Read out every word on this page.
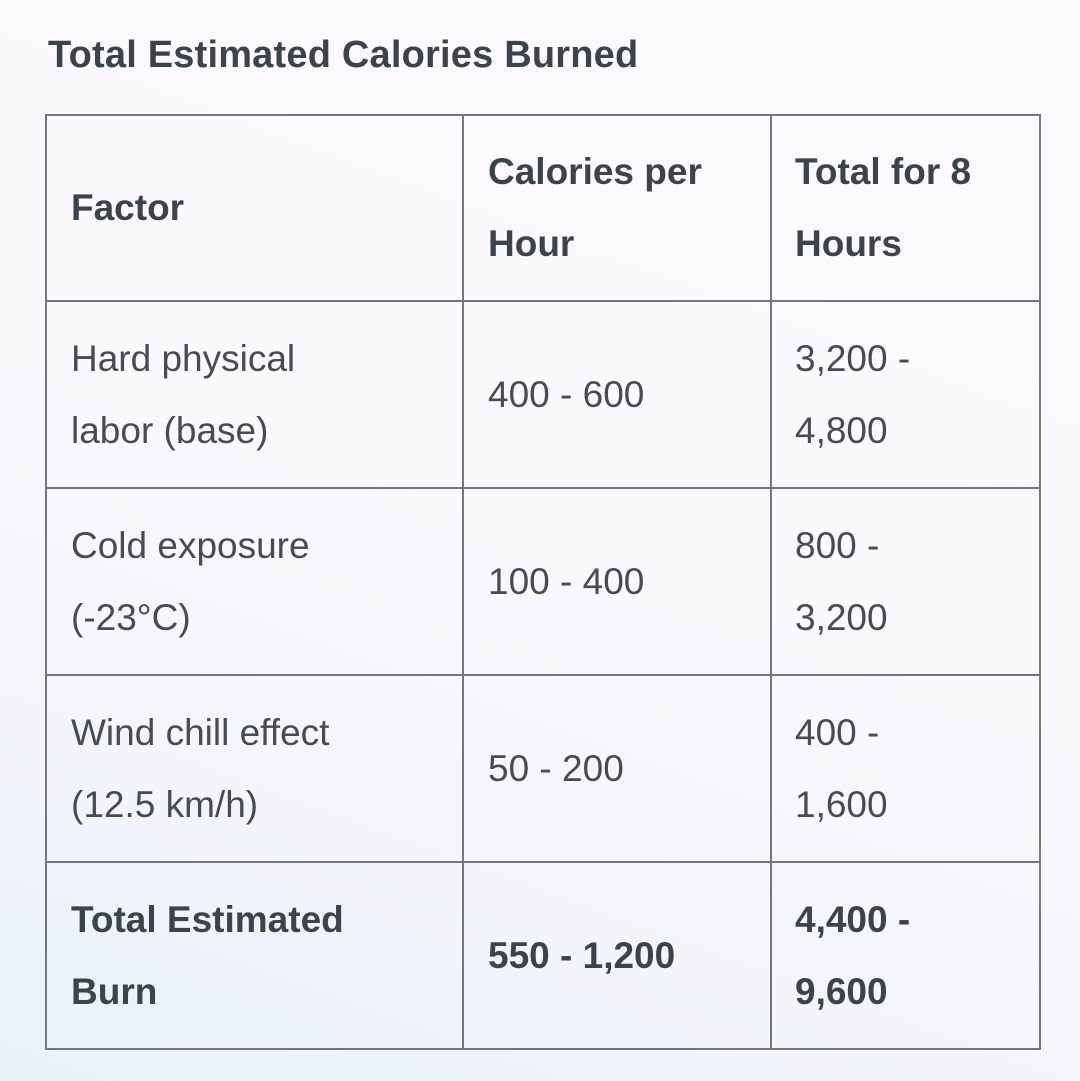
Total Estimated Calories Burned
Factor	Calories per Hour	Total for 8 Hours
Hard physical labor (base)	400 - 600	3,200 - 4,800
Cold exposure (-23°C)	100 - 400	800 - 3,200
Wind chill effect (12.5 km/h)	50 - 200	400 - 1,600
Total Estimated Burn	550 - 1,200	4,400 - 9,600
